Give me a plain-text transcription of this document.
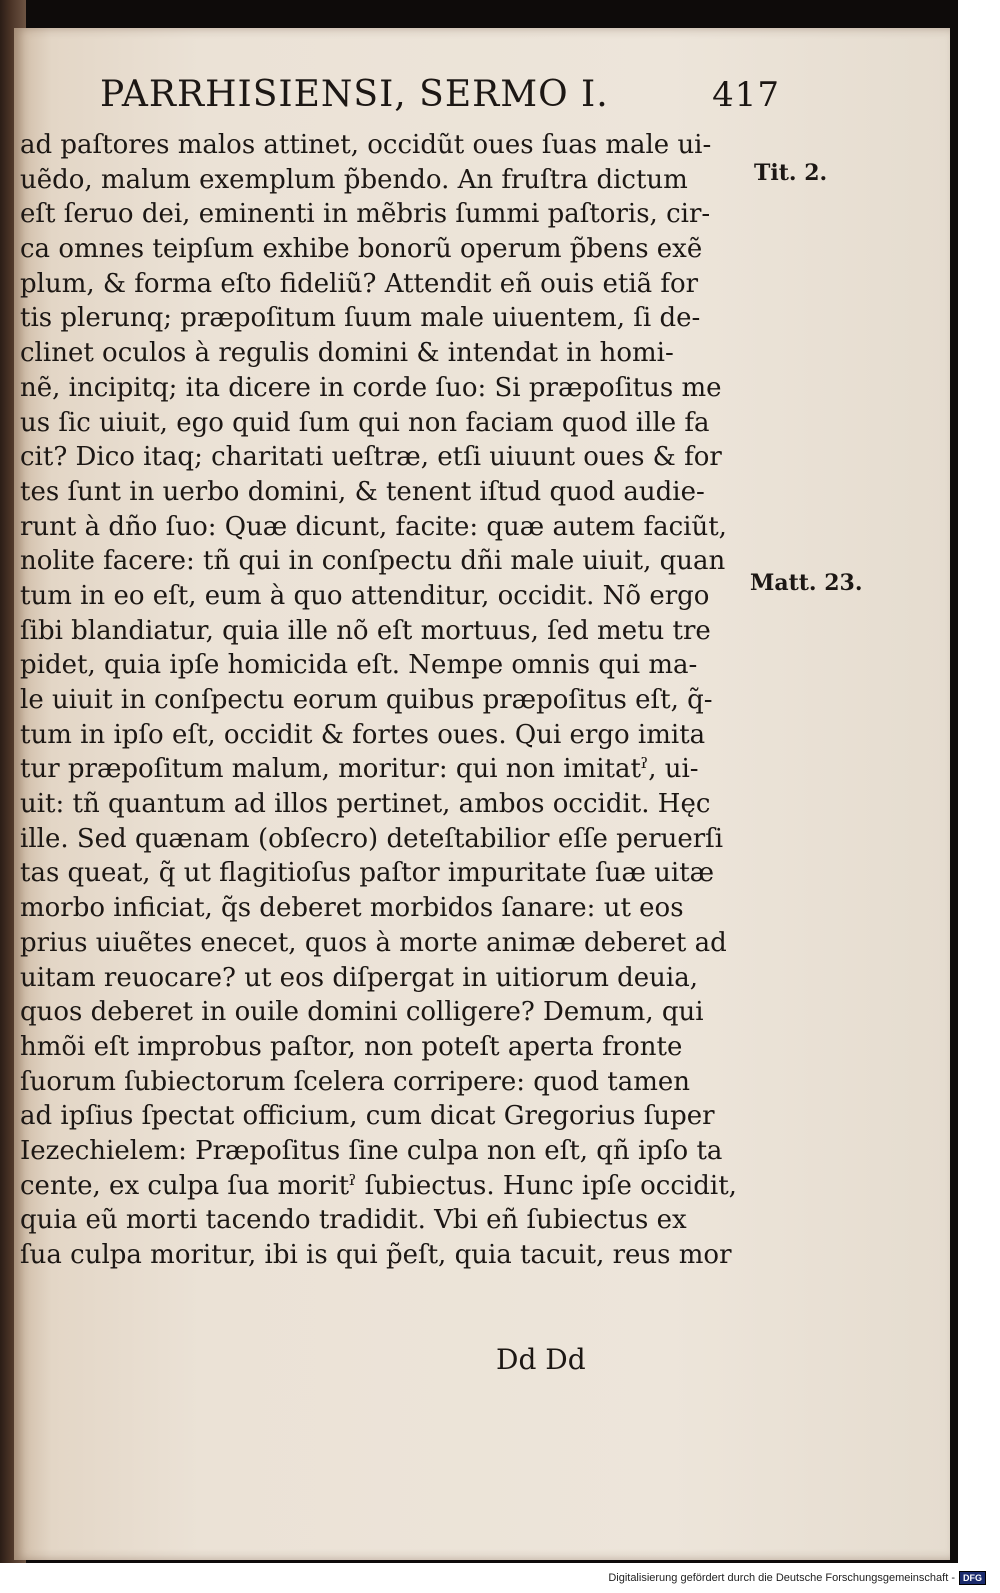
PARRHISIENSI, SERMO I.	417
ad paſtores malos attinet, occidũt oues ſuas male ui-
uẽdo, malum exemplum p̃bendo. An fruſtra dictum
eſt ſeruo dei, eminenti in mẽbris ſummi paſtoris, cir-
ca omnes teipſum exhibe bonorũ operum p̃bens exẽ
plum, & forma eſto fideliũ? Attendit eñ ouis etiã for
tis plerunq; præpoſitum ſuum male uiuentem, ſi de-
clinet oculos à regulis domini & intendat in homi-
nẽ, incipitq; ita dicere in corde ſuo: Si præpoſitus me
us ſic uiuit, ego quid ſum qui non faciam quod ille fa
cit? Dico itaq; charitati ueſtræ, etſi uiuunt oues & for
tes ſunt in uerbo domini, & tenent iſtud quod audie-
runt à dño ſuo: Quæ dicunt, facite: quæ autem faciũt,
nolite facere: tñ qui in conſpectu dñi male uiuit, quan
tum in eo eſt, eum à quo attenditur, occidit. Nõ ergo
ſibi blandiatur, quia ille nõ eſt mortuus, ſed metu tre
pidet, quia ipſe homicida eſt. Nempe omnis qui ma-
le uiuit in conſpectu eorum quibus præpoſitus eſt, q̃-
tum in ipſo eſt, occidit & fortes oues. Qui ergo imita
tur præpoſitum malum, moritur: qui non imitatˀ, ui-
uit: tñ quantum ad illos pertinet, ambos occidit. Hęc
ille. Sed quænam (obſecro) deteſtabilior eſſe peruerſi
tas queat, q̃ ut flagitioſus paſtor impuritate ſuæ uitæ
morbo inficiat, q̃s deberet morbidos ſanare: ut eos
prius uiuẽtes enecet, quos à morte animæ deberet ad
uitam reuocare? ut eos diſpergat in uitiorum deuia,
quos deberet in ouile domini colligere? Demum, qui
hmõi eſt improbus paſtor, non poteſt aperta fronte
ſuorum ſubiectorum ſcelera corripere: quod tamen
ad ipſius ſpectat officium, cum dicat Gregorius ſuper
Iezechielem: Præpoſitus ſine culpa non eſt, qñ ipſo ta
cente, ex culpa ſua moritˀ ſubiectus. Hunc ipſe occidit,
quia eũ morti tacendo tradidit. Vbi eñ ſubiectus ex
ſua culpa moritur, ibi is qui p̃eſt, quia tacuit, reus mor
Tit. 2.
Matt. 23.
Dd Dd
Digitalisierung gefördert durch die Deutsche Forschungsgemeinschaft - DFG
